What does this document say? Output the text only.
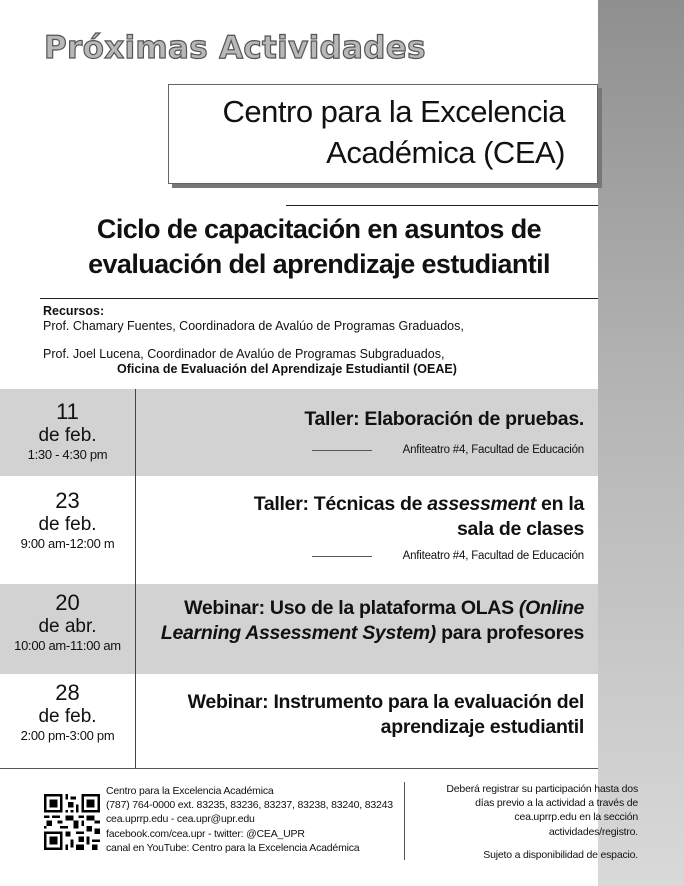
Próximas Actividades
Centro para la Excelencia
Académica (CEA)
Ciclo de capacitación en asuntos de
evaluación del aprendizaje estudiantil
Recursos:
Prof. Chamary Fuentes, Coordinadora de Avalúo de Programas Graduados,
Prof. Joel Lucena, Coordinador de Avalúo de Programas Subgraduados,
Oficina de Evaluación del Aprendizaje Estudiantil (OEAE)
11
de feb.
1:30 - 4:30 pm
Taller: Elaboración de pruebas.
Anfiteatro #4, Facultad de Educación
23
de feb.
9:00 am-12:00 m
Taller: Técnicas de assessment en la
sala de clases
Anfiteatro #4, Facultad de Educación
20
de abr.
10:00 am-11:00 am
Webinar: Uso de la plataforma OLAS (Online
Learning Assessment System) para profesores
28
de feb.
2:00 pm-3:00 pm
Webinar: Instrumento para la evaluación del
aprendizaje estudiantil
Centro para la Excelencia Académica
(787) 764-0000 ext. 83235, 83236, 83237, 83238, 83240, 83243
cea.uprrp.edu - cea.upr@upr.edu
facebook.com/cea.upr - twitter: @CEA_UPR
canal en YouTube: Centro para la Excelencia Académica
Deberá registrar su participación hasta dos
días previo a la actividad a través de
cea.uprrp.edu en la sección
actividades/registro.
Sujeto a disponibilidad de espacio.
